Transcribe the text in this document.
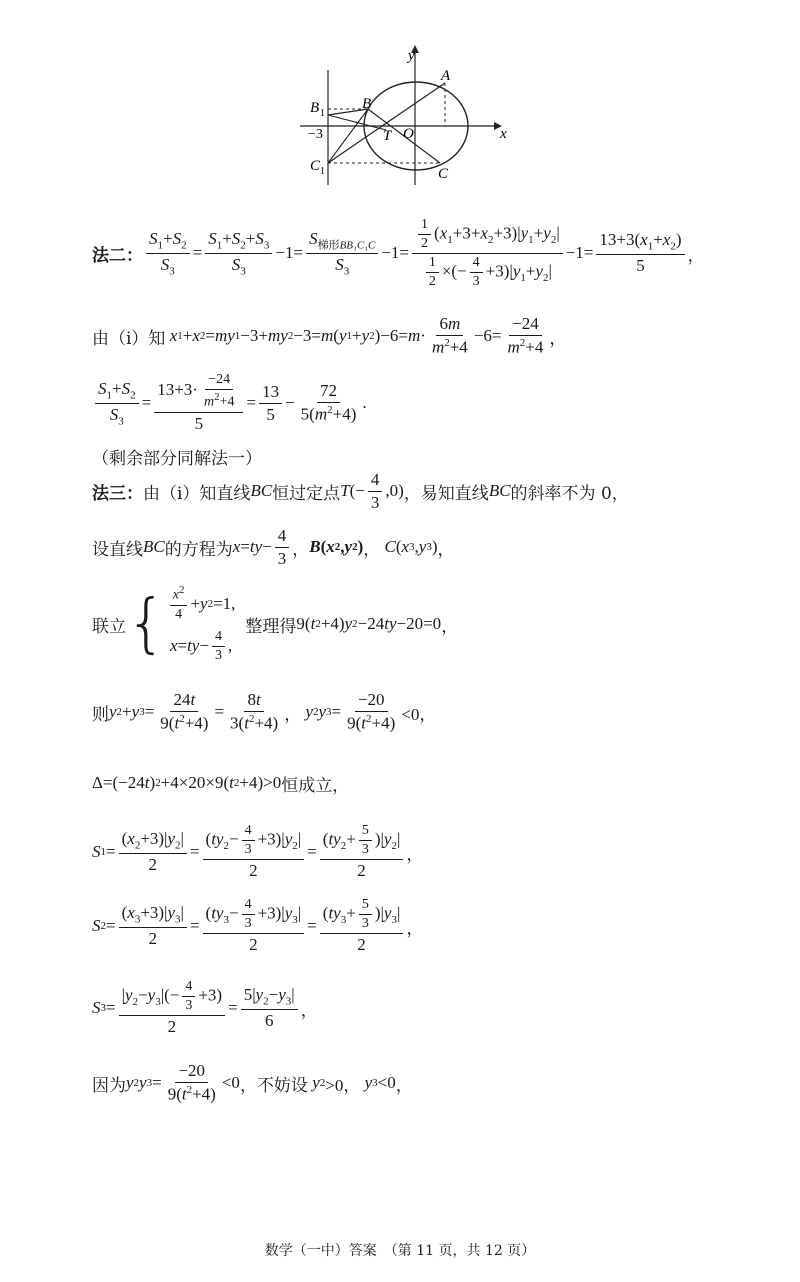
y
x
A
B
B 1
−3	T O
C 1	C
法二： $\frac{S_1+S_2}{S_3} = \frac{S_1+S_2+S_3}{S_3} -1= \frac{S_{梯形BB_1C_1C}}{S_3} -1= \frac{\frac{1}{2} (x_1+3+x_2+3)|y_1+y_2|}{\frac{1}{2} \times(- \frac{4}{3} +3)|y_1+y_2|} -1= \frac{13+3(x_1+x_2)}{5}$ ，
由（i）知
x 1 + x 2 = my 1 −3+ my 2 −3= m ( y 1 + y 2 )$-6= m \cdot \frac{6m}{m^2+4} -6= \frac{-24}{m^2+4}$ ，
$\frac{S_1+S_2}{S_3} = \frac{13+3\cdot \frac{-24}{m^2+4}}{5} = \frac{13}{5} - \frac{72}{5(m^2+4)}$ .
（剩余部分同解法一）
法三： 由（i）知直线 BC 恒过定点 T (− $\frac{4}{3} ,0$) ，易知直线 BC 的斜率不为 0，
设直线 BC 的方程为 x = ty − $\frac{4}{3}$ ， B ( x 2 , y 2 ) ，
C ( x 3 , y 3 ) ，
联立 { $\frac{x^2}{4} + y$ 2 =1,
x = ty − $\frac{4}{3}$ ,
整理得 9( t 2 +4) y 2 −24 ty −20=0 ，
则 y 2 + y $3 = \frac{24t}{9(t^2+4)} = \frac{8t}{3(t^2+4)}$ ， y 2 y $3 = \frac{-20}{9(t^2+4)} <0$，
Δ=(−24 t ) 2 +4×20×9( t 2 +4)>0 恒成立，
S $1 = \frac{(x_2+3)|y_2|}{2} = \frac{(ty_2- \frac{4}{3} +3)|y_2|}{2} = \frac{(ty_2+ \frac{5}{3} )|y_2|}{2}$ ，
S $2 = \frac{(x_3+3)|y_3|}{2} = \frac{(ty_3- \frac{4}{3} +3)|y_3|}{2} = \frac{(ty_3+ \frac{5}{3} )|y_3|}{2}$ ，
S $3 = \frac{|y_2-y_3|(- \frac{4}{3} +3)}{2} = \frac{5|y_2-y_3|}{6}$ ，
因为 y 2 y $3 = \frac{-20}{9(t^2+4)} <0$ ，不妨设
y 2 >0， y 3 <0 ，
数学（一中）答案　（第 11 页，共 12 页）
